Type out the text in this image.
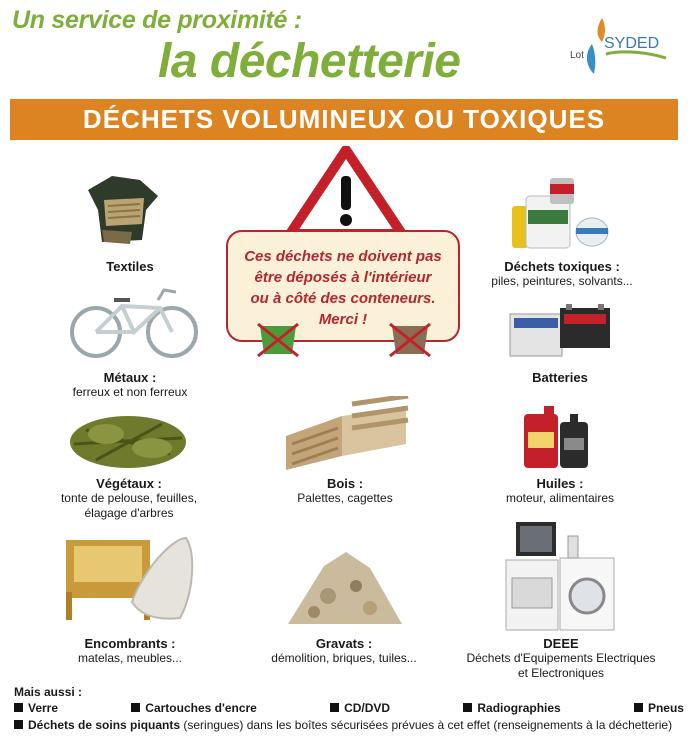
Un service de proximité :
la déchetterie	SYDED
Lot
DÉCHETS VOLUMINEUX OU TOXIQUES
Textiles
Métaux :
ferreux et non ferreux
Végétaux :
tonte de pelouse, feuilles,
élagage d'arbres
Encombrants :
matelas, meubles...
Ces déchets ne doivent pas
être déposés à l'intérieur
ou à côté des conteneurs.
Merci !
Bois :
Palettes, cagettes
Gravats :
démolition, briques, tuiles...
Déchets toxiques :
piles, peintures, solvants...
Batteries
Huiles :
moteur, alimentaires
DEEE
Déchets d'Equipements Electriques
et Electroniques
Mais aussi :
Verre	Cartouches d'encre	CD/DVD	Radiographies	Pneus
Déchets de soins piquants (seringues) dans les boîtes sécurisées prévues à cet effet (renseignements à la déchetterie)
